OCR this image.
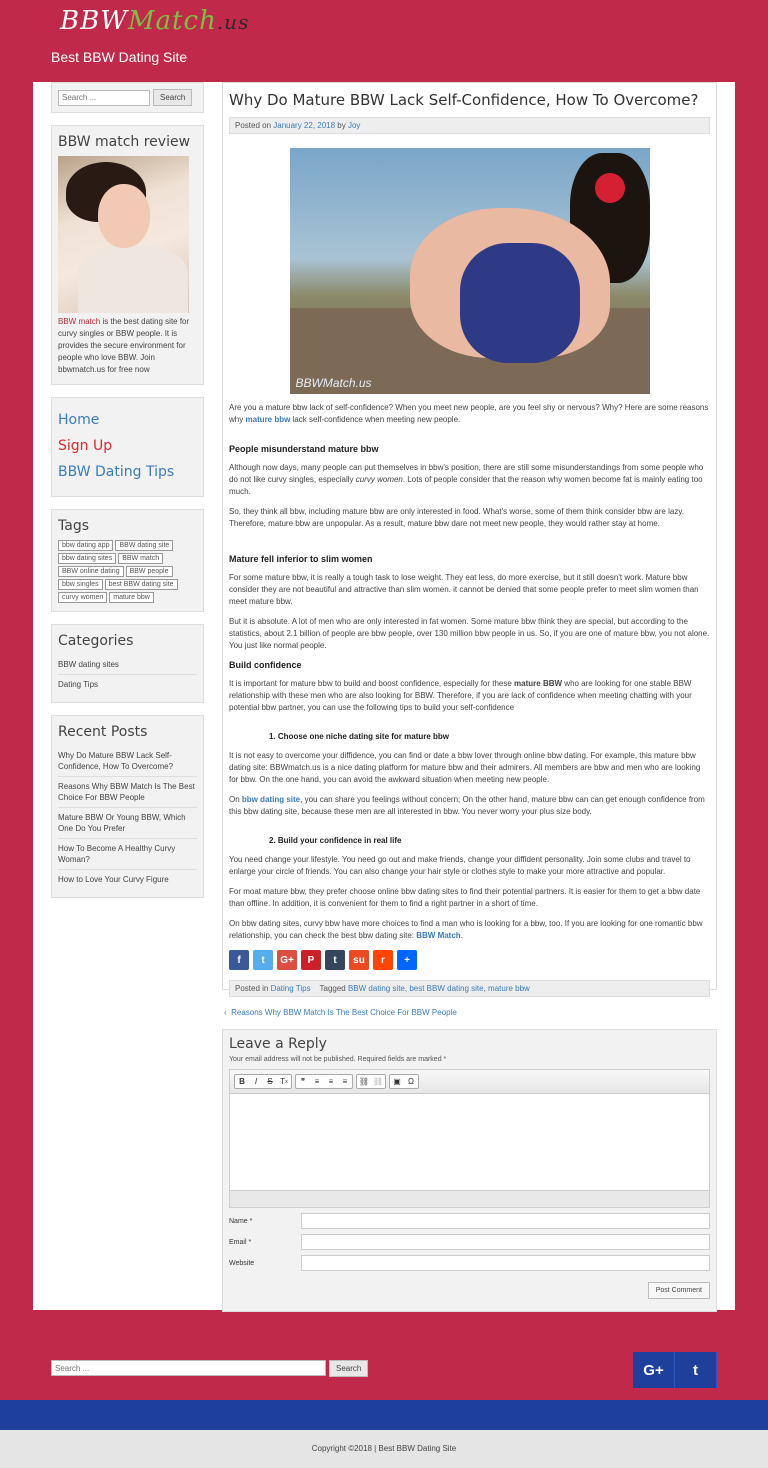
BBWMatch.us
Best BBW Dating Site
Search ...
Search
BBW match review
BBW match is the best dating site for curvy singles or BBW people. It is provides the secure environment for people who love BBW. Join bbwmatch.us for free now
Home
Sign Up
BBW Dating Tips
Tags
bbw dating app	BBW dating site
bbw dating sites	BBW match
BBW online dating	BBW people
bbw singles	best BBW dating site
curvy women	mature bbw
Categories
BBW dating sites
Dating Tips
Recent Posts
Why Do Mature BBW Lack Self-Confidence, How To Overcome?
Reasons Why BBW Match Is The Best Choice For BBW People
Mature BBW Or Young BBW, Which One Do You Prefer
How To Become A Healthy Curvy Woman?
How to Love Your Curvy Figure
Why Do Mature BBW Lack Self-Confidence, How To Overcome?
Posted on January 22, 2018 by Joy
BBWMatch.us
Are you a mature bbw lack of self-confidence? When you meet new people, are you feel shy or nervous? Why? Here are some reasons why mature bbw lack self-confidence when meeting new people.
People misunderstand mature bbw
Although now days, many people can put themselves in bbw's position, there are still some misunderstandings from some people who do not like curvy singles, especially curvy women. Lots of people consider that the reason why women become fat is mainly eating too much.
So, they think all bbw, including mature bbw are only interested in food. What's worse, some of them think consider bbw are lazy. Therefore, mature bbw are unpopular. As a result, mature bbw dare not meet new people, they would rather stay at home.
Mature fell inferior to slim women
For some mature bbw, it is really a tough task to lose weight. They eat less, do more exercise, but it still doesn't work. Mature bbw consider they are not beautiful and attractive than slim women. it cannot be denied that some people prefer to meet slim women than meet mature bbw.
But it is absolute. A lot of men who are only interested in fat women. Some mature bbw think they are special, but according to the statistics, about 2.1 billion of people are bbw people, over 130 million bbw people in us. So, if you are one of mature bbw, you not alone. You just like normal people.
Build confidence
It is important for mature bbw to build and boost confidence, especially for these mature BBW who are looking for one stable BBW relationship with these men who are also looking for BBW. Therefore, if you are lack of confidence when meeting chatting with your potential bbw partner, you can use the following tips to build your self-confidence
1. Choose one niche dating site for mature bbw
It is not easy to overcome your diffidence, you can find or date a bbw lover through online bbw dating. For example, this mature bbw dating site: BBWmatch.us is a nice dating platform for mature bbw and their admirers. All members are bbw and men who are looking for bbw. On the one hand, you can avoid the awkward situation when meeting new people.
On bbw dating site, you can share you feelings without concern; On the other hand, mature bbw can can get enough confidence from this bbw dating site, because these men are all interested in bbw. You never worry your plus size body.
2. Build your confidence in real life
You need change your lifestyle. You need go out and make friends, change your diffident personality. Join some clubs and travel to enlarge your circle of friends. You can also change your hair style or clothes style to make your more attractive and popular.
For moat mature bbw, they prefer choose online bbw dating sites to find their potential partners. It is easier for them to get a bbw date than offline. In addition, it is convenient for them to find a right partner in a short of time.
On bbw dating sites, curvy bbw have more choices to find a man who is looking for a bbw, too. If you are looking for one romantic bbw relationship, you can check the best bbw dating site: BBW Match.
f	t	G+	P	t	su	r	+
Posted in Dating Tips Tagged BBW dating site, best BBW dating site, mature bbw
‹  Reasons Why BBW Match Is The Best Choice For BBW People
Leave a Reply
Your email address will not be published. Required fields are marked *
B	I	S T x	❞	≡	≡	≡	⛓ ⛓	▣ Ω
Name *
Email *
Website
Post Comment
Search ...
Search	G+	t
Copyright ©2018 | Best BBW Dating Site
